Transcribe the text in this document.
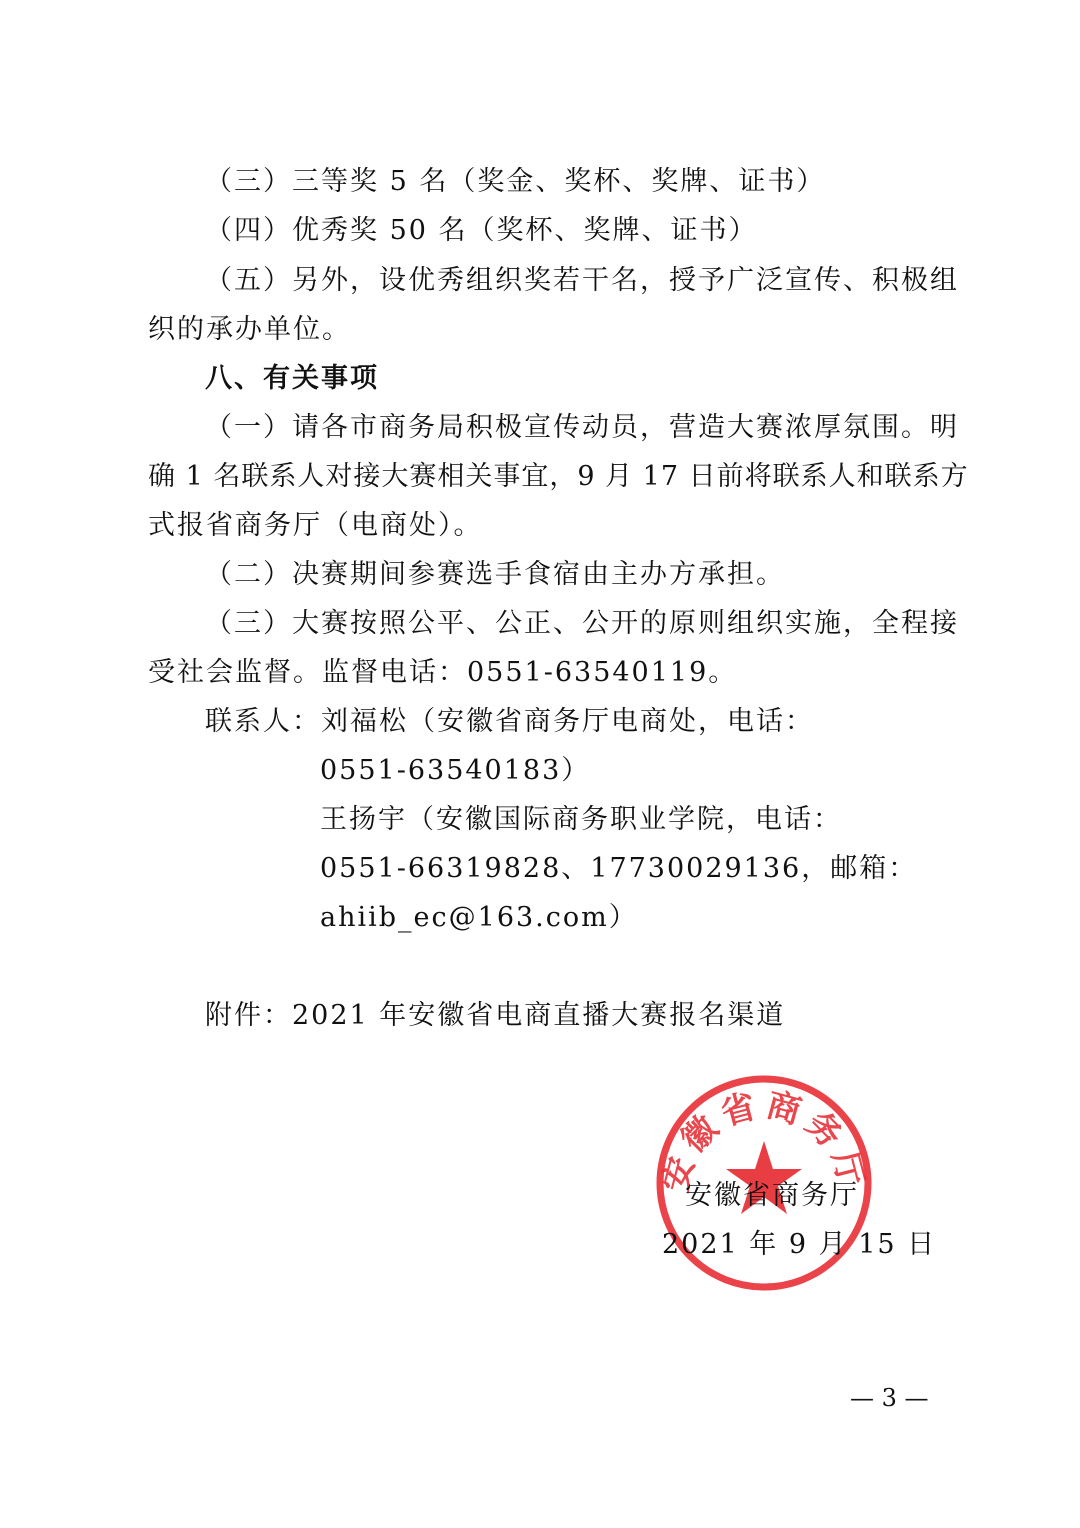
（三）三等奖 5 名（奖金、奖杯、奖牌、证书）
（四）优秀奖 50 名（奖杯、奖牌、证书）
（五）另外，设优秀组织奖若干名，授予广泛宣传、积极组
织的承办单位。
八、有关事项
（一）请各市商务局积极宣传动员，营造大赛浓厚氛围。明
确 1 名联系人对接大赛相关事宜，9 月 17 日前将联系人和联系方
式报省商务厅（电商处）。
（二）决赛期间参赛选手食宿由主办方承担。
（三）大赛按照公平、公正、公开的原则组织实施，全程接
受社会监督。监督电话：0551-63540119。
联系人：刘福松（安徽省商务厅电商处，电话：
0551-63540183）
王扬宇（安徽国际商务职业学院，电话：
0551-66319828、17730029136，邮箱：
ahiib_ec@163.com）
附件：2021 年安徽省电商直播大赛报名渠道
安徽省商务厅
安徽省商务厅
2021 年 9 月 15 日
— 3 —
